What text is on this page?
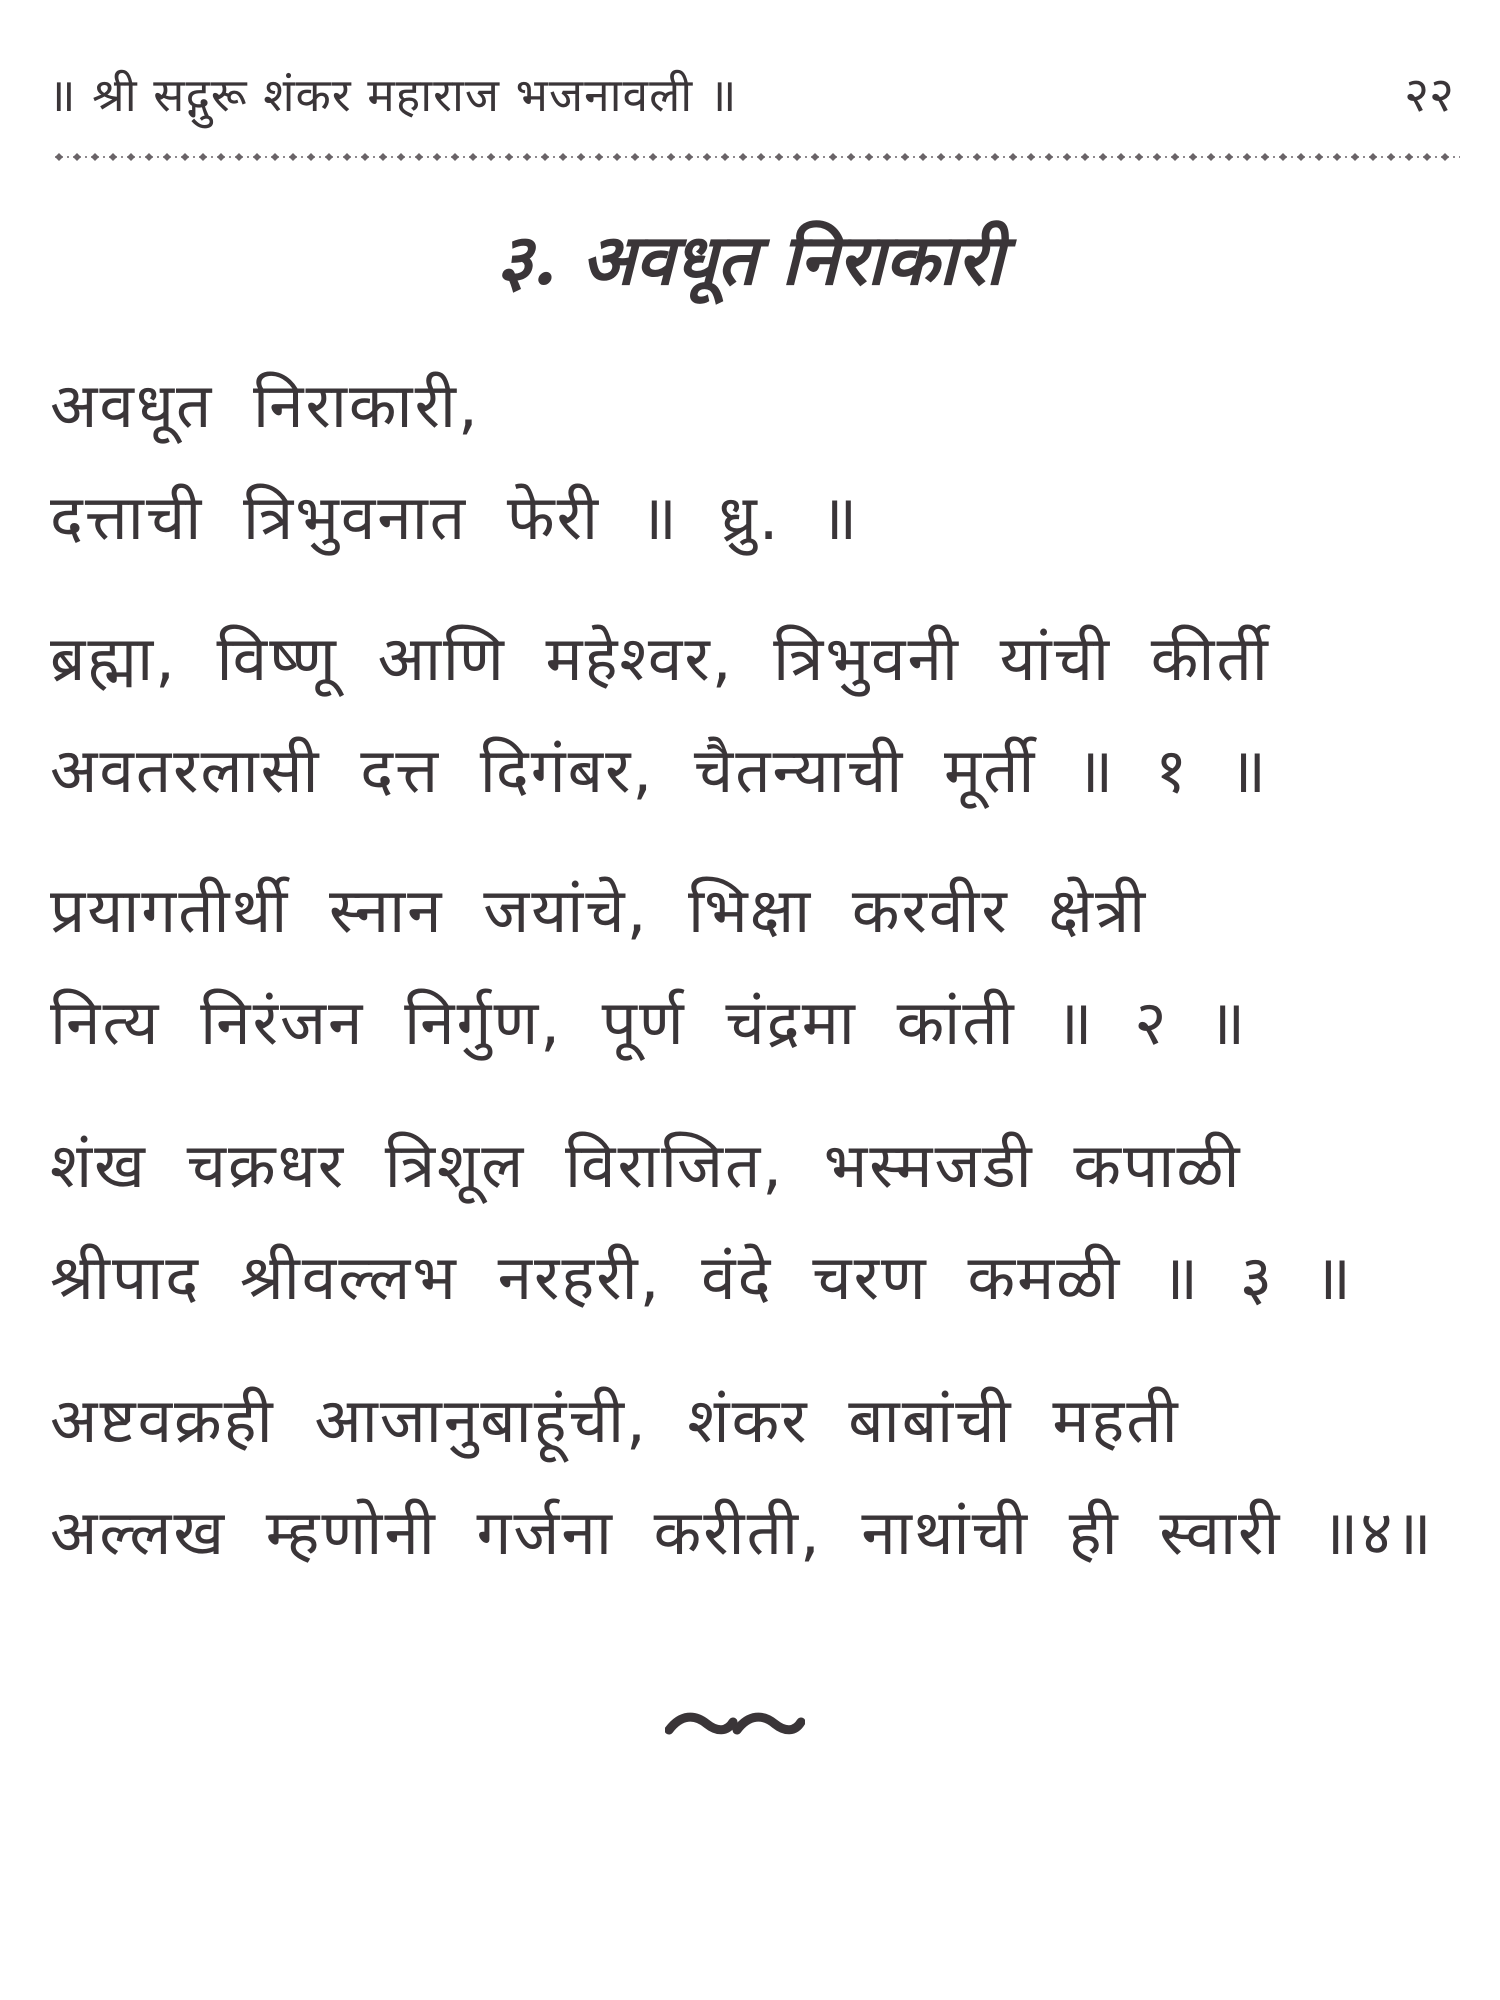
॥ श्री सद्गुरू शंकर महाराज भजनावली ॥	२२
३. अवधूत निराकारी
अवधूत निराकारी,
दत्ताची त्रिभुवनात फेरी ॥ ध्रु. ॥
ब्रह्मा, विष्णू आणि महेश्वर, त्रिभुवनी यांची कीर्ती
अवतरलासी दत्त दिगंबर, चैतन्याची मूर्ती ॥ १ ॥
प्रयागतीर्थी स्नान जयांचे, भिक्षा करवीर क्षेत्री
नित्य निरंजन निर्गुण, पूर्ण चंद्रमा कांती ॥ २ ॥
शंख चक्रधर त्रिशूल विराजित, भस्मजडी कपाळी
श्रीपाद श्रीवल्लभ नरहरी, वंदे चरण कमळी ॥ ३ ॥
अष्टवक्रही आजानुबाहूंची, शंकर बाबांची महती
अल्लख म्हणोनी गर्जना करीती, नाथांची ही स्वारी ॥४॥
